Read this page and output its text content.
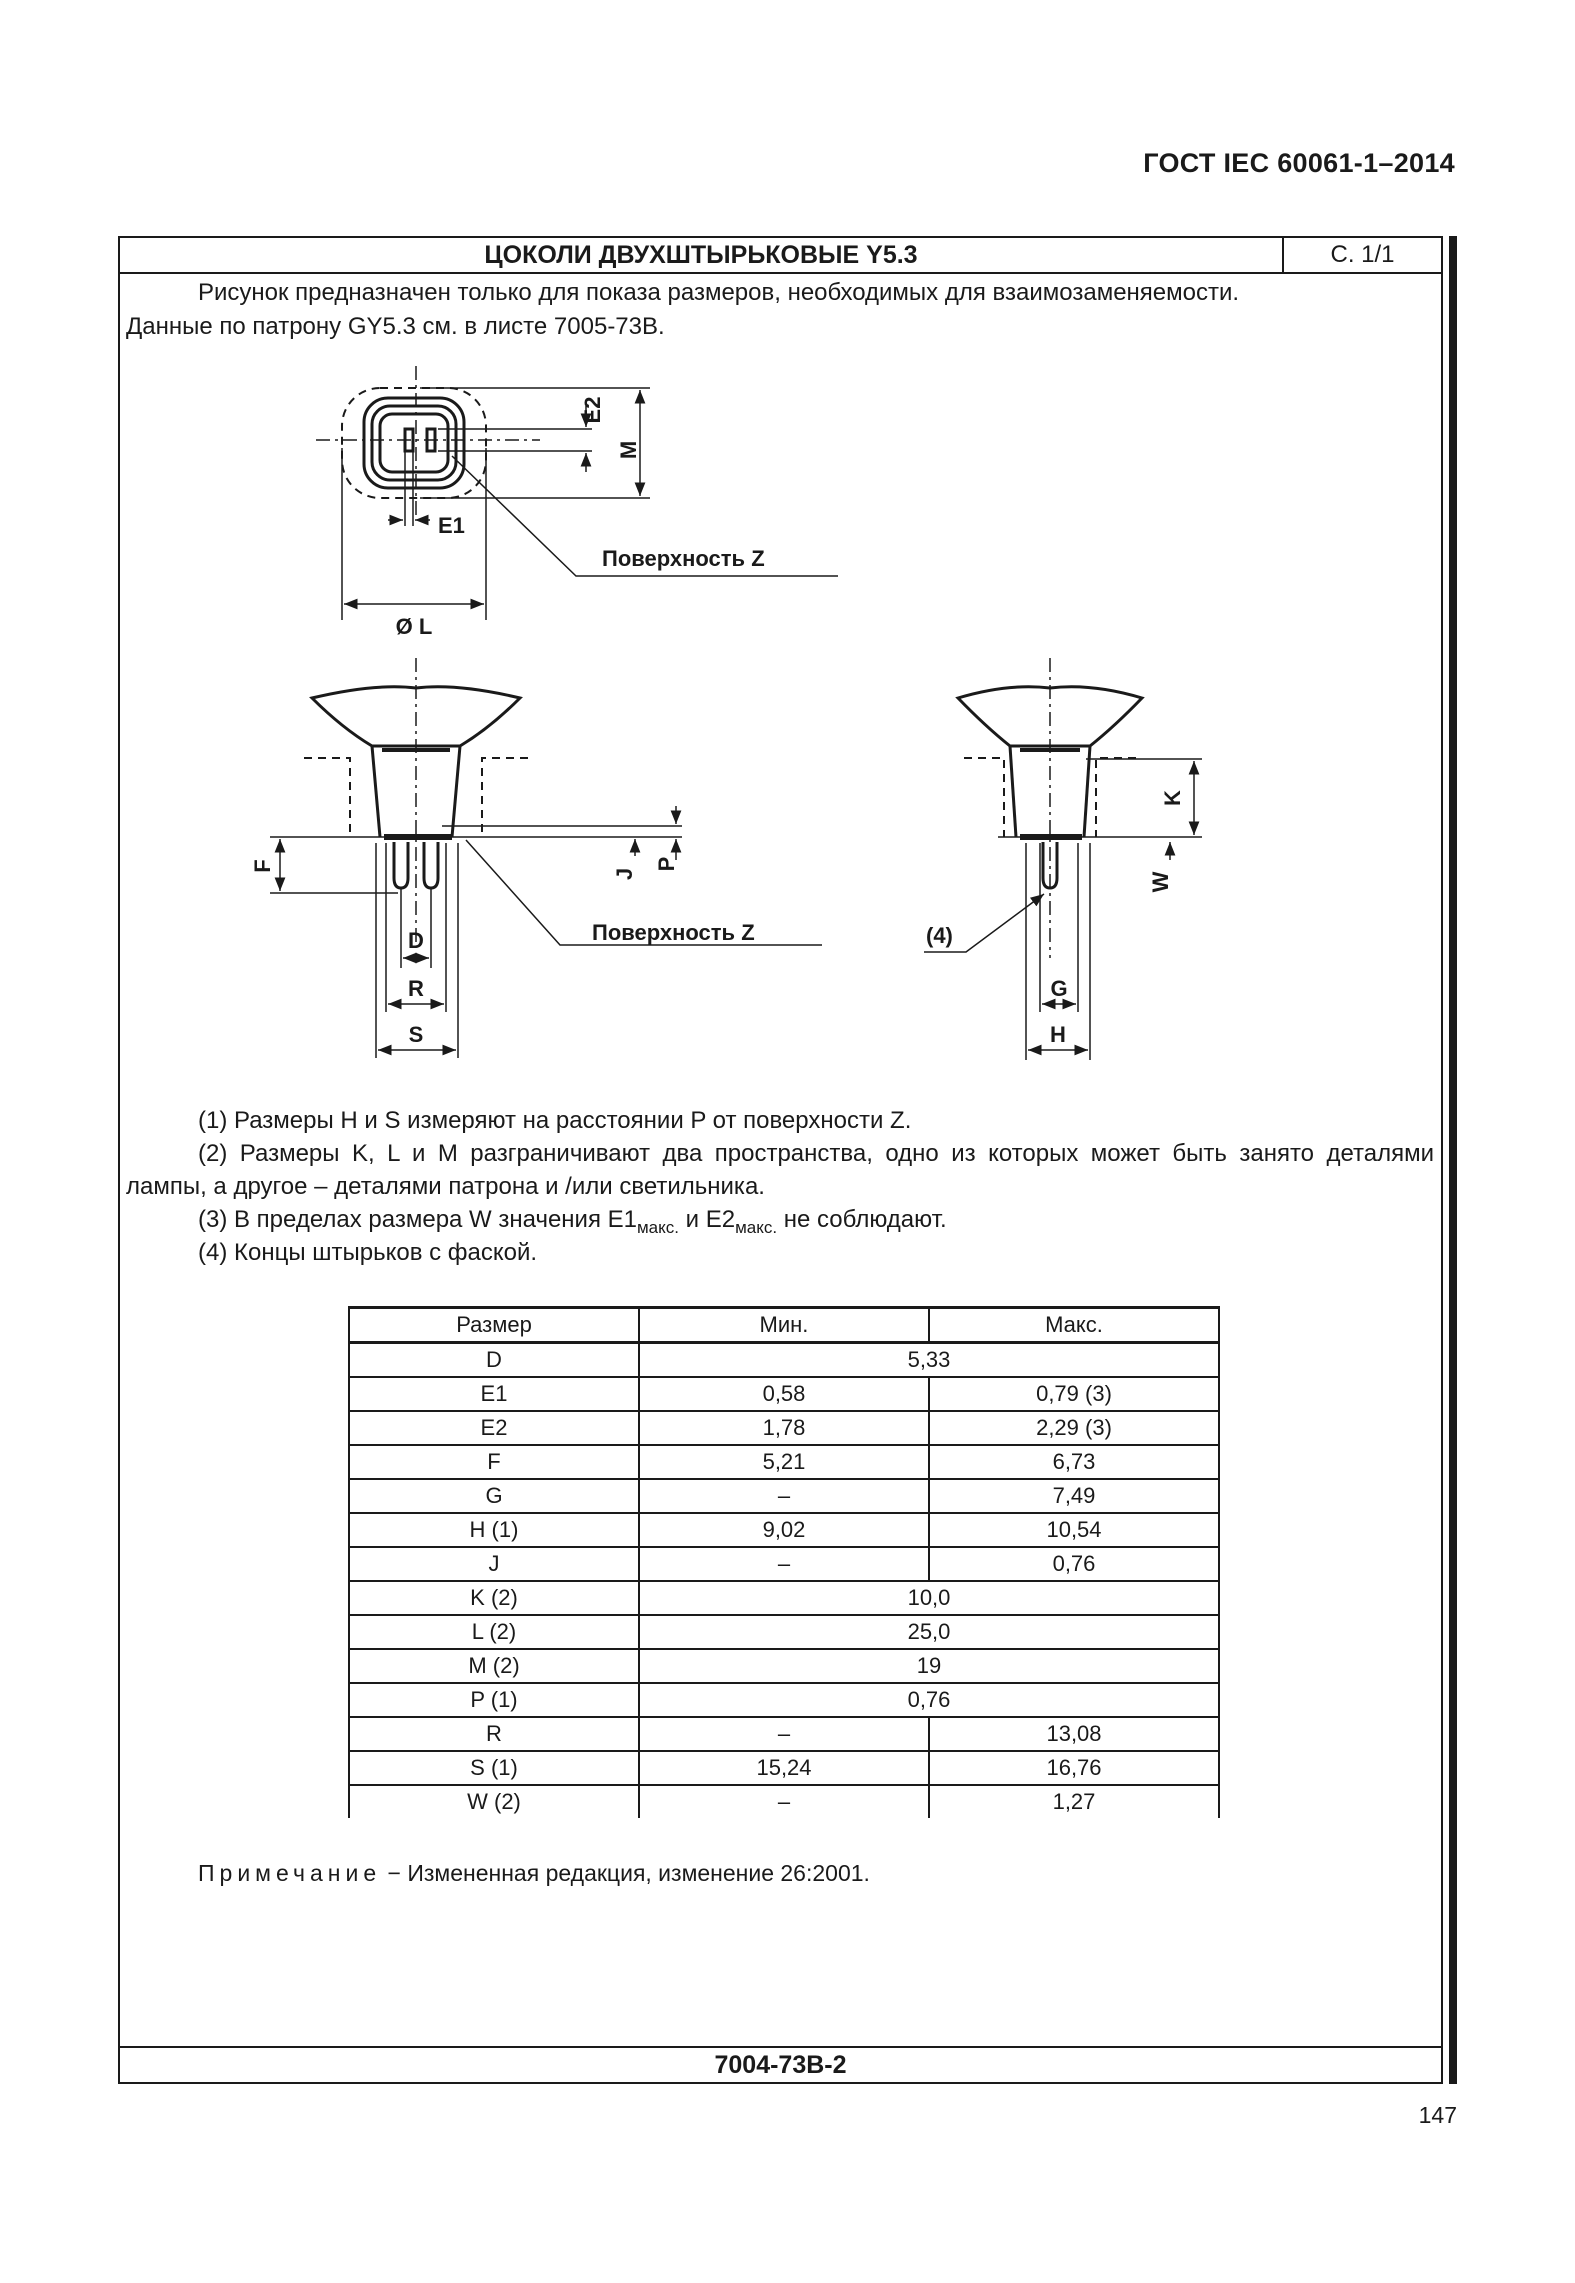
ГОСТ IEC 60061-1–2014
ЦОКОЛИ ДВУХШТЫРЬКОВЫЕ Y5.3	С. 1/1

Рисунок предназначен только для показа размеров, необходимых для взаимозаменяемости.

Данные по патрону GY5.3 см. в листе 7005-73B.

E2
M
E1
Поверхность Z
Ø L
F
J
P
Поверхность Z
D
R
S
K
W
(4)
G
H

(1) Размеры H и S измеряют на расстоянии P от поверхности Z.

(2) Размеры K, L и M разграничивают два пространства, одно из которых может быть занято деталями лампы, а другое – деталями патрона и /или светильника.

(3) В пределах размера W значения $E1_{макс.}$ и $E2_{макс.}$ не соблюдают.

(4) Концы штырьков с фаской.

Размер	Мин.	Макс.
D	5,33	
E1	0,58	0,79 (3)
E2	1,78	2,29 (3)
F	5,21	6,73
G	–	7,49
H (1)	9,02	10,54
J	–	0,76
K (2)	10,0	
L (2)	25,0	
M (2)	19	
P (1)	0,76	
R	–	13,08
S (1)	15,24	16,76
W (2)	–	1,27
Примечание − Измененная редакция, изменение 26:2001.
7004-73B-2
147
